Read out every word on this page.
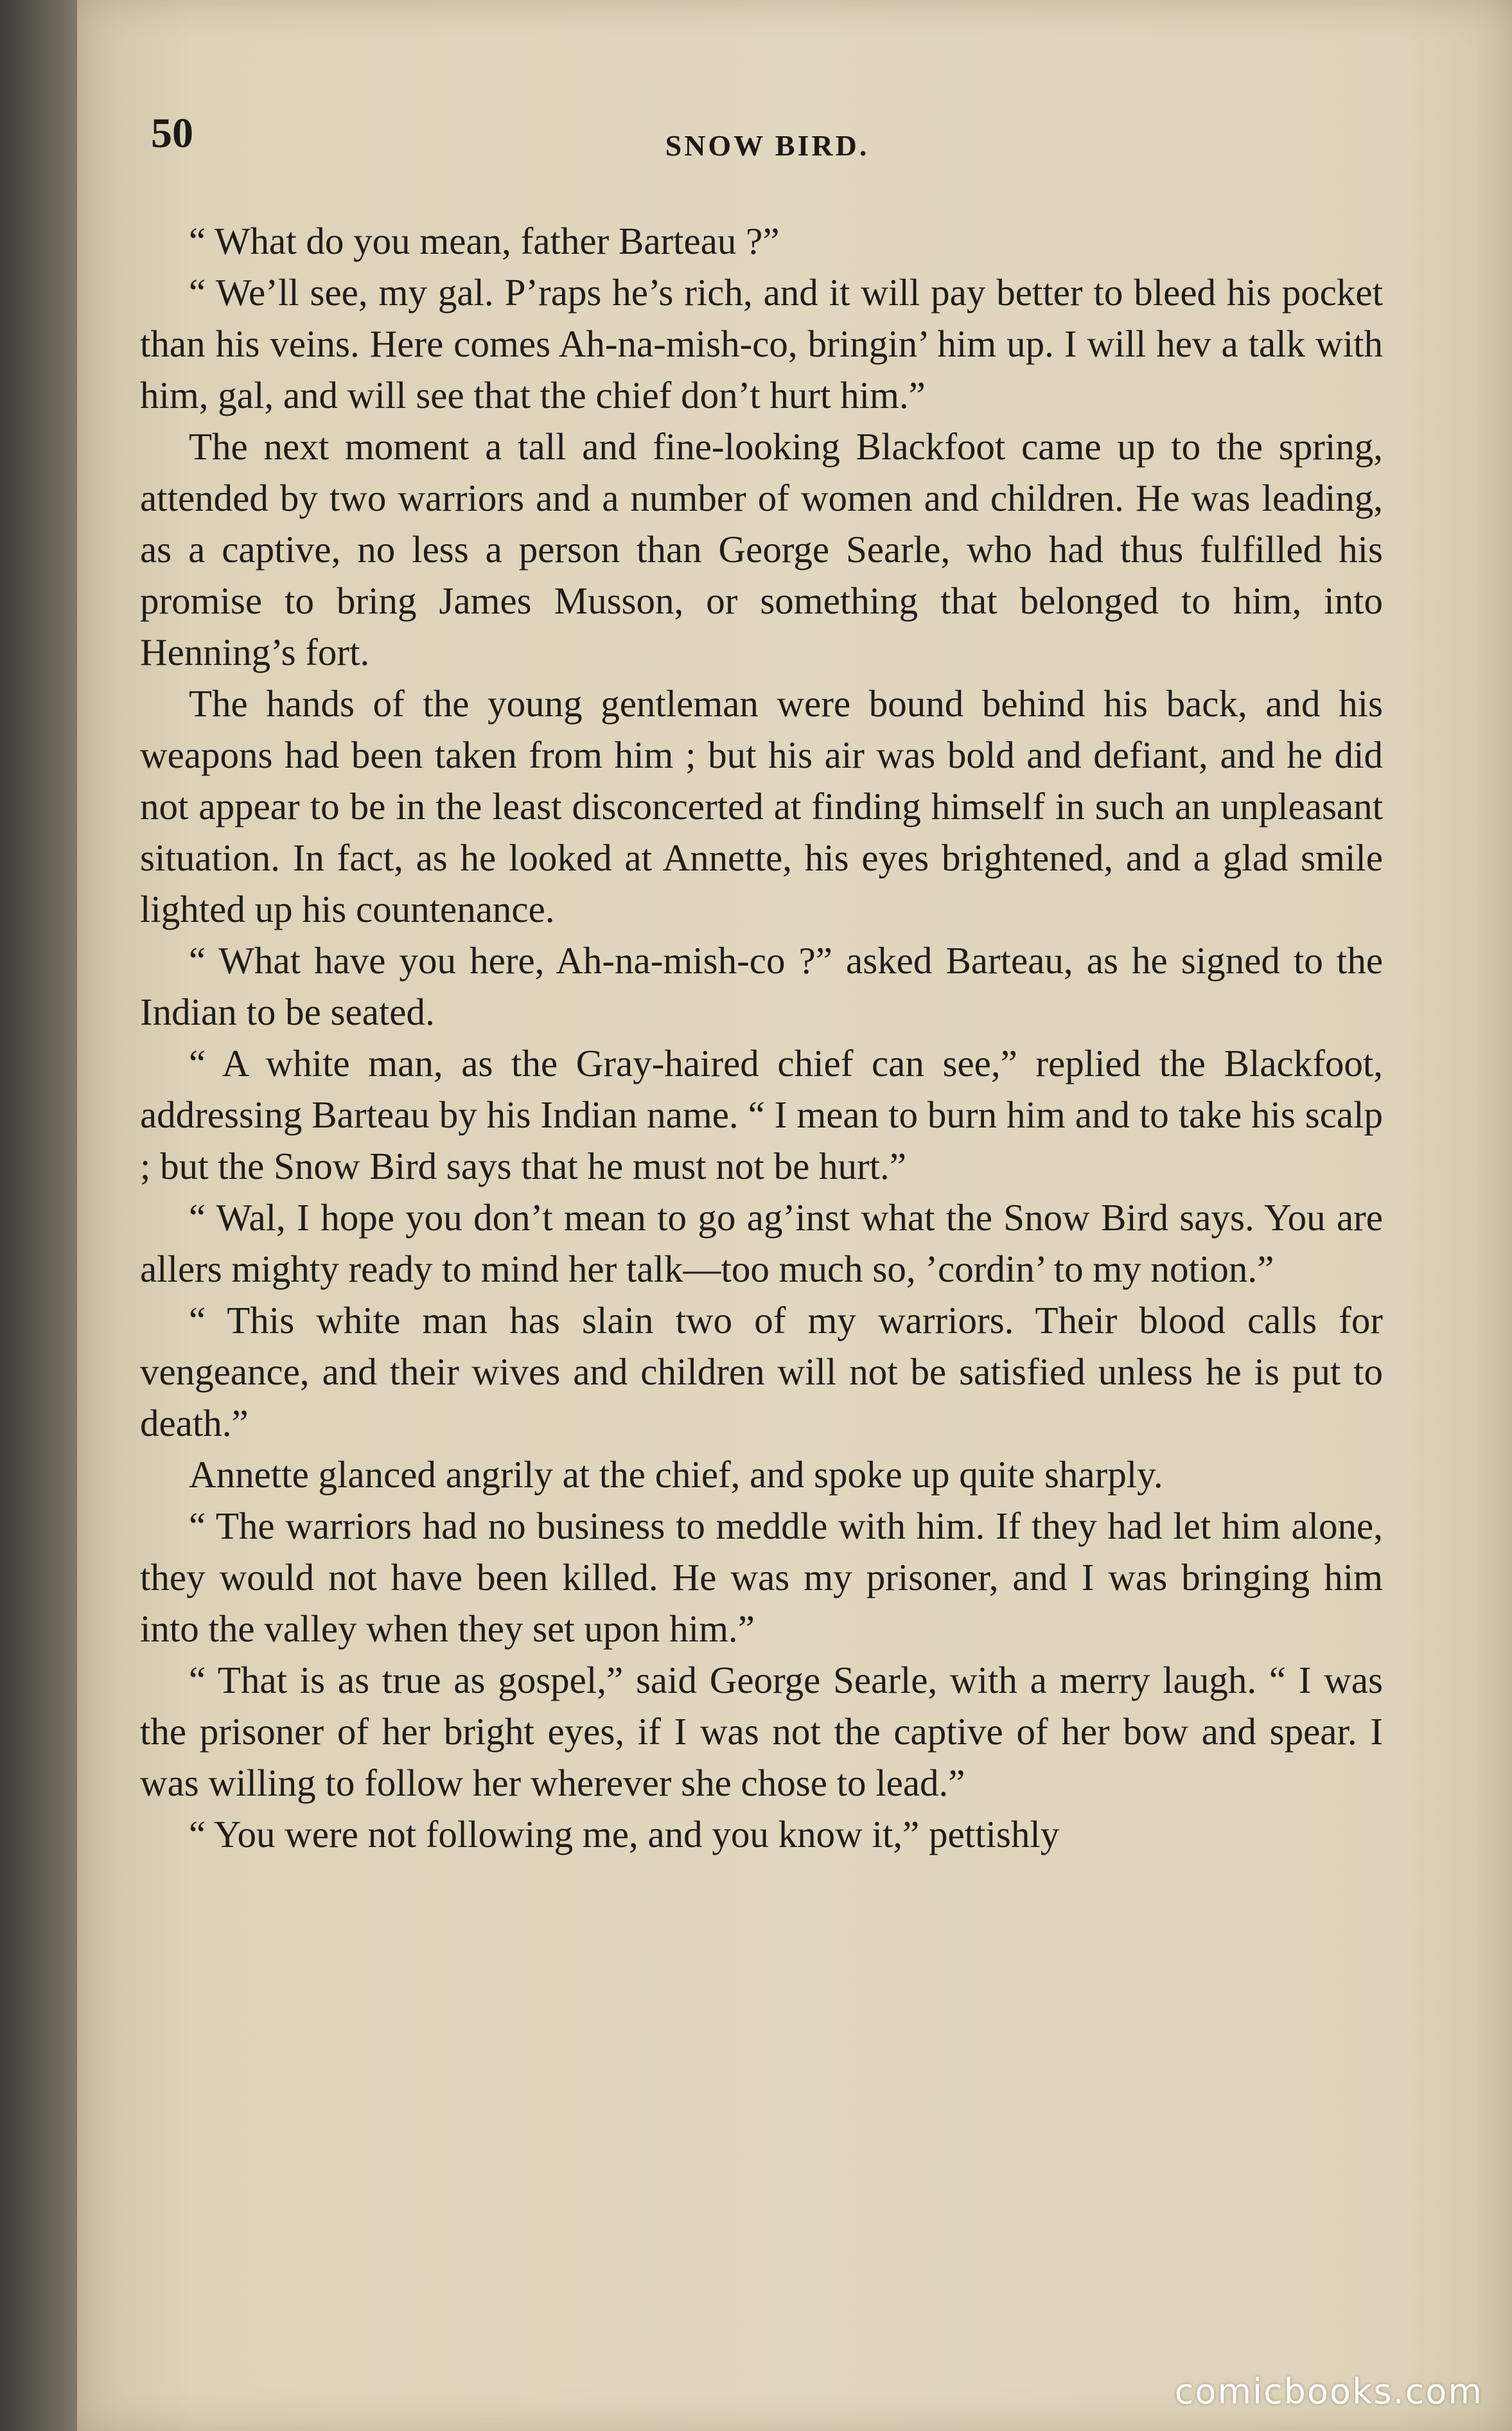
50	SNOW BIRD.

“ What do you mean, father Barteau ?”

“ We’ll see, my gal. P’raps he’s rich, and it will pay better to bleed his pocket than his veins. Here comes Ah-na-mish-co, bringin’ him up. I will hev a talk with him, gal, and will see that the chief don’t hurt him.”

The next moment a tall and fine-looking Blackfoot came up to the spring, attended by two warriors and a number of women and children. He was leading, as a captive, no less a person than George Searle, who had thus fulfilled his promise to bring James Musson, or something that belonged to him, into Henning’s fort.

The hands of the young gentleman were bound behind his back, and his weapons had been taken from him ; but his air was bold and defiant, and he did not appear to be in the least disconcerted at finding himself in such an unpleasant situation. In fact, as he looked at Annette, his eyes brightened, and a glad smile lighted up his countenance.

“ What have you here, Ah-na-mish-co ?” asked Barteau, as he signed to the Indian to be seated.

“ A white man, as the Gray-haired chief can see,” replied the Blackfoot, addressing Barteau by his Indian name. “ I mean to burn him and to take his scalp ; but the Snow Bird says that he must not be hurt.”

“ Wal, I hope you don’t mean to go ag’inst what the Snow Bird says. You are allers mighty ready to mind her talk—too much so, ’cordin’ to my notion.”

“ This white man has slain two of my warriors. Their blood calls for vengeance, and their wives and children will not be satisfied unless he is put to death.”

Annette glanced angrily at the chief, and spoke up quite sharply.

“ The warriors had no business to meddle with him. If they had let him alone, they would not have been killed. He was my prisoner, and I was bringing him into the valley when they set upon him.”

“ That is as true as gospel,” said George Searle, with a merry laugh. “ I was the prisoner of her bright eyes, if I was not the captive of her bow and spear. I was willing to follow her wherever she chose to lead.”

“ You were not following me, and you know it,” pettishly

comicbooks.com
